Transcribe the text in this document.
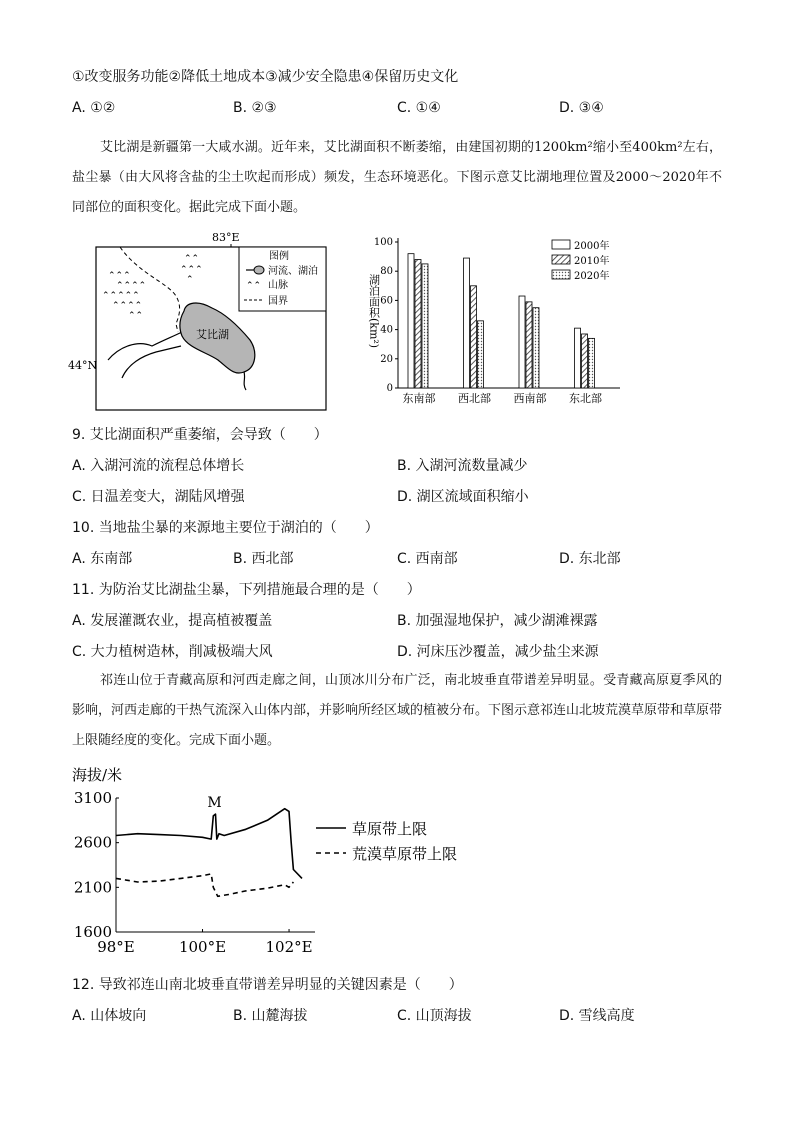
①改变服务功能②降低土地成本③减少安全隐患④保留历史文化
A. ①②	B. ②③	C. ①④	D. ③④
艾比湖是新疆第一大咸水湖。近年来，艾比湖面积不断萎缩，由建国初期的1200km²缩小至400km²左右，盐尘暴（由大风将含盐的尘土吹起而形成）频发，生态环境恶化。下图示意艾比湖地理位置及2000～2020年不同部位的面积变化。据此完成下面小题。
83°E
44°N
⌃⌃⌃
⌃⌃⌃⌃
⌃⌃⌃⌃⌃
⌃⌃⌃⌃
⌃⌃
⌃⌃
⌃⌃⌃
⌃
艾比湖
图例
河流、湖泊
⌃⌃ 山脉
国界
0
20
40
60
80
100
湖泊面积(km²)
东南部 西北部 西南部 东北部
2000年
2010年
2020年
9. 艾比湖面积严重萎缩，会导致（　　）
A. 入湖河流的流程总体增长	B. 入湖河流数量减少
C. 日温差变大，湖陆风增强	D. 湖区流域面积缩小
10. 当地盐尘暴的来源地主要位于湖泊的（　　）
A. 东南部	B. 西北部	C. 西南部	D. 东北部
11. 为防治艾比湖盐尘暴，下列措施最合理的是（　　）
A. 发展灌溉农业，提高植被覆盖	B. 加强湿地保护，减少湖滩裸露
C. 大力植树造林，削减极端大风	D. 河床压沙覆盖，减少盐尘来源
祁连山位于青藏高原和河西走廊之间，山顶冰川分布广泛，南北坡垂直带谱差异明显。受青藏高原夏季风的影响，河西走廊的干热气流深入山体内部，并影响所经区域的植被分布。下图示意祁连山北坡荒漠草原带和草原带上限随经度的变化。完成下面小题。
海拔/米
3100
2600
2100
1600
98°E	100°E	102°E
草原带上限
荒漠草原带上限
M
12. 导致祁连山南北坡垂直带谱差异明显的关键因素是（　　）
A. 山体坡向	B. 山麓海拔	C. 山顶海拔	D. 雪线高度
